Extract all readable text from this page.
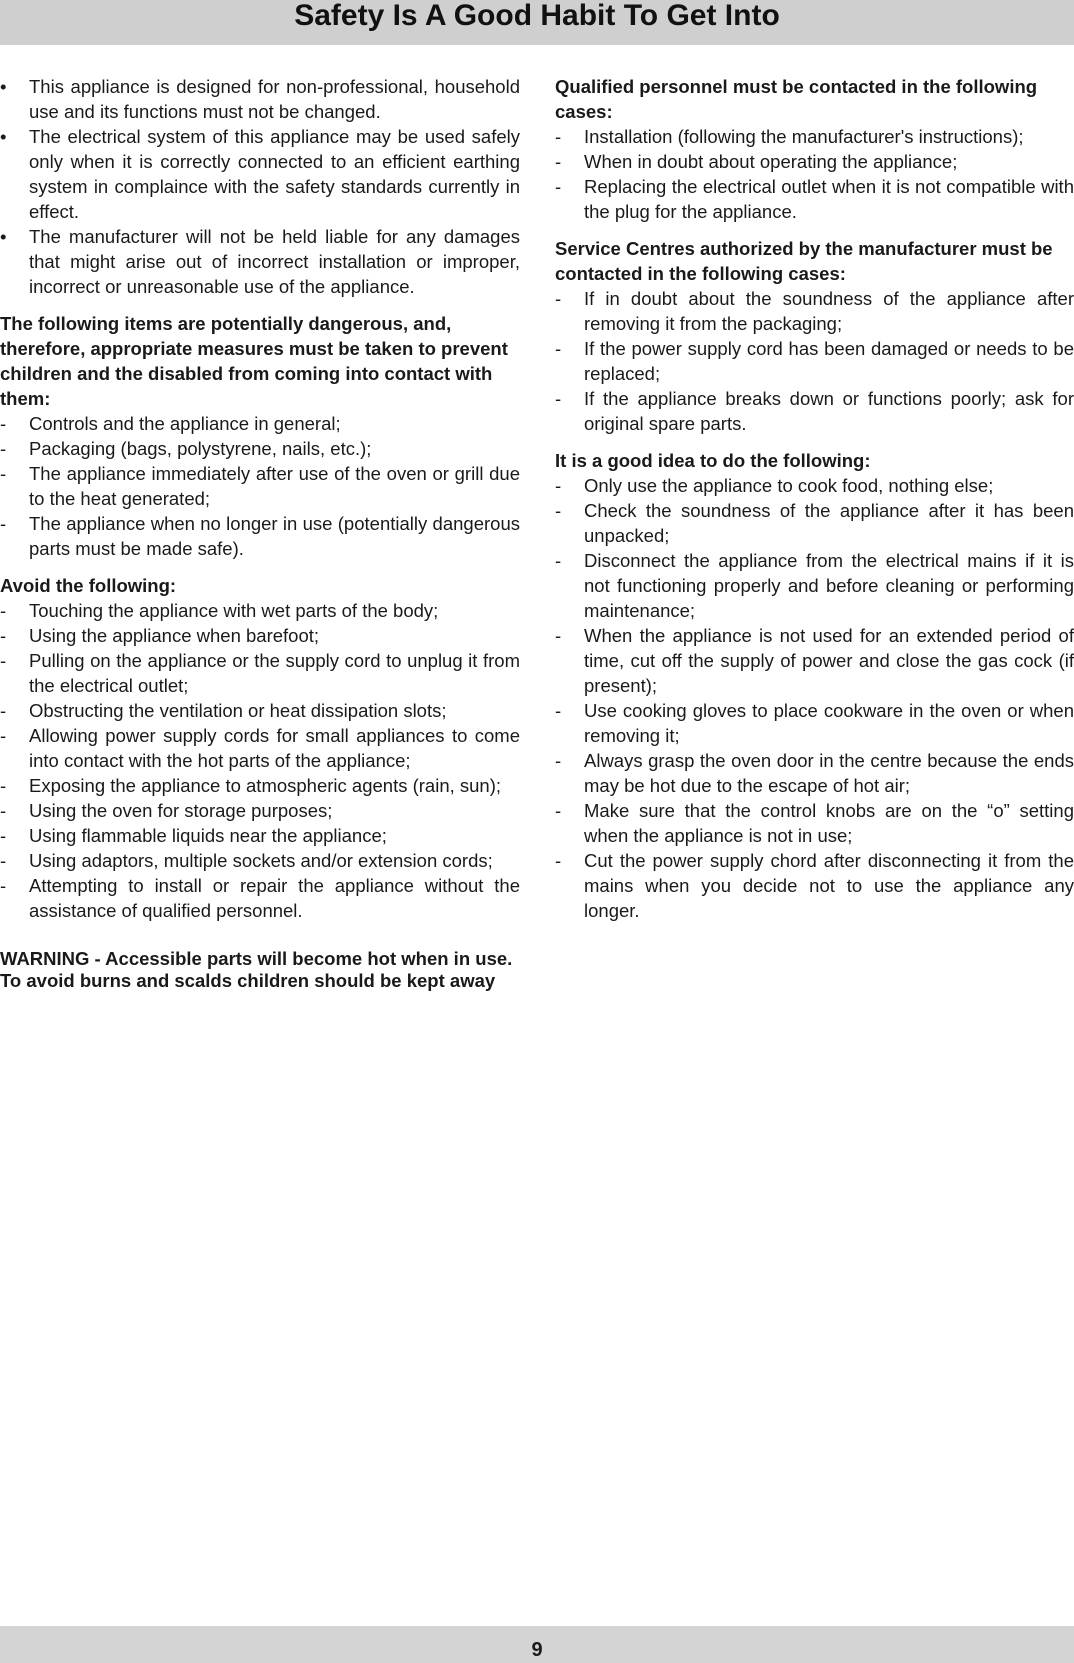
Safety Is A Good Habit To Get Into
• This appliance is designed for non-professional, household use and its functions must not be changed.
• The electrical system of this appliance may be used safely only when it is correctly connected to an efficient earthing system in complaince with the safety standards currently in effect.
• The manufacturer will not be held liable for any damages that might arise out of incorrect installation or improper, incorrect or unreasonable use of the appliance.
The following items are potentially dangerous, and, therefore, appropriate measures must be taken to prevent children and the disabled from coming into contact with them:
- Controls and the appliance in general;
- Packaging (bags, polystyrene, nails, etc.);
- The appliance immediately after use of the oven or grill due to the heat generated;
- The appliance when no longer in use (potentially dangerous parts must be made safe).
Avoid the following:
- Touching the appliance with wet parts of the body;
- Using the appliance when barefoot;
- Pulling on the appliance or the supply cord to unplug it from the electrical outlet;
- Obstructing the ventilation or heat dissipation slots;
- Allowing power supply cords for small appliances to come into contact with the hot parts of the appliance;
- Exposing the appliance to atmospheric agents (rain, sun);
- Using the oven for storage purposes;
- Using flammable liquids near the appliance;
- Using adaptors, multiple sockets and/or extension cords;
- Attempting to install or repair the appliance without the assistance of qualified personnel.
WARNING - Accessible parts will become hot when in use. To avoid burns and scalds children should be kept away
Qualified personnel must be contacted in the following cases:
- Installation (following the manufacturer's instructions);
- When in doubt about operating the appliance;
- Replacing the electrical outlet when it is not compatible with the plug for the appliance.
Service Centres authorized by the manufacturer must be contacted in the following cases:
- If in doubt about the soundness of the appliance after removing it from the packaging;
- If the power supply cord has been damaged or needs to be replaced;
- If the appliance breaks down or functions poorly; ask for original spare parts.
It is a good idea to do the following:
- Only use the appliance to cook food, nothing else;
- Check the soundness of the appliance after it has been unpacked;
- Disconnect the appliance from the electrical mains if it is not functioning properly and before cleaning or performing maintenance;
- When the appliance is not used for an extended period of time, cut off the supply of power and close the gas cock (if present);
- Use cooking gloves to place cookware in the oven or when removing it;
- Always grasp the oven door in the centre because the ends may be hot due to the escape of hot air;
- Make sure that the control knobs are on the “o” setting when the appliance is not in use;
- Cut the power supply chord after disconnecting it from the mains when you decide not to use the appliance any longer.
9
